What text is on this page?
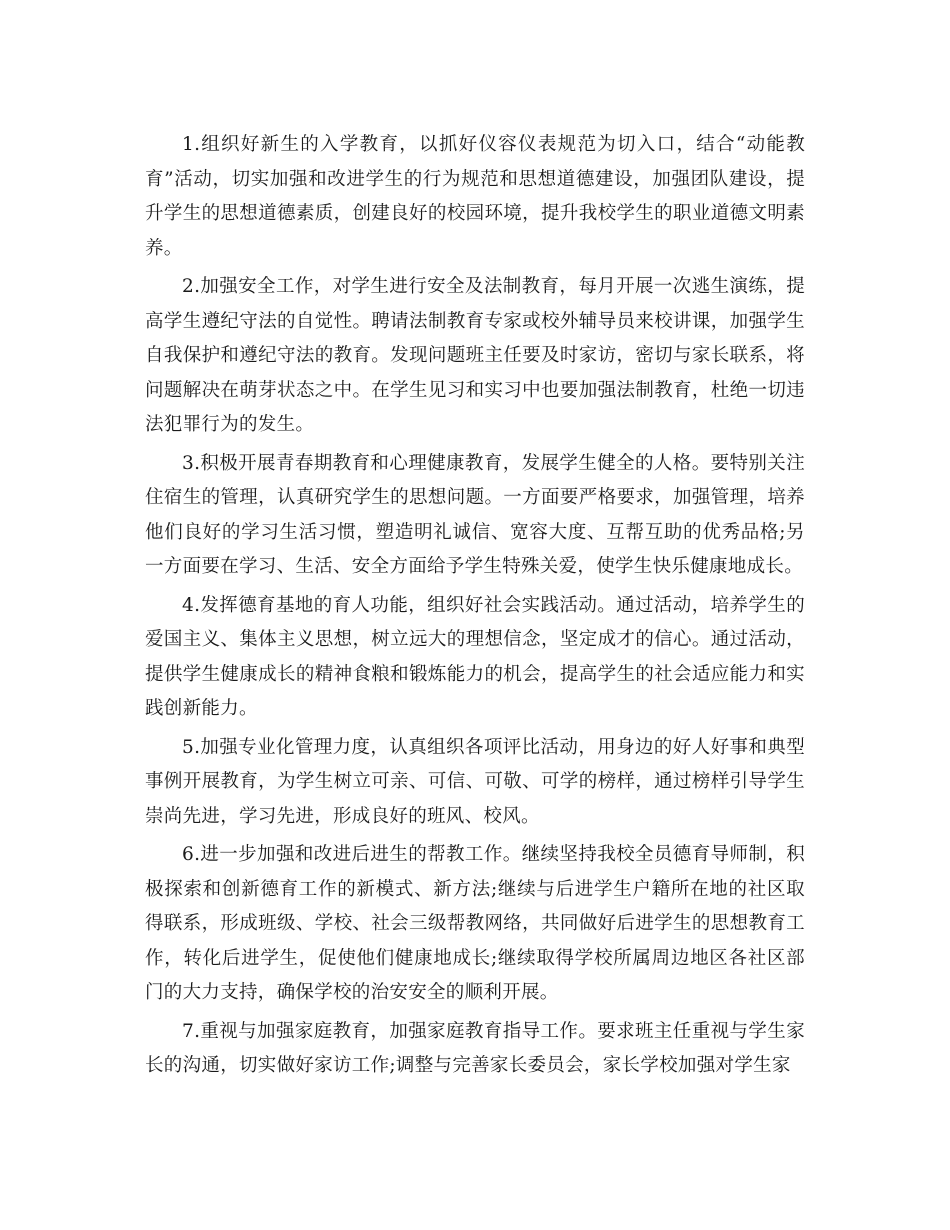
1.组织好新生的入学教育，以抓好仪容仪表规范为切入口，结合“动能教育”活动，切实加强和改进学生的行为规范和思想道德建设，加强团队建设，提升学生的思想道德素质，创建良好的校园环境，提升我校学生的职业道德文明素养。

2.加强安全工作，对学生进行安全及法制教育，每月开展一次逃生演练，提高学生遵纪守法的自觉性。聘请法制教育专家或校外辅导员来校讲课，加强学生自我保护和遵纪守法的教育。发现问题班主任要及时家访，密切与家长联系，将问题解决在萌芽状态之中。在学生见习和实习中也要加强法制教育，杜绝一切违法犯罪行为的发生。

3.积极开展青春期教育和心理健康教育，发展学生健全的人格。要特别关注住宿生的管理，认真研究学生的思想问题。一方面要严格要求，加强管理，培养他们良好的学习生活习惯，塑造明礼诚信、宽容大度、互帮互助的优秀品格;另一方面要在学习、生活、安全方面给予学生特殊关爱，使学生快乐健康地成长。

4.发挥德育基地的育人功能，组织好社会实践活动。通过活动，培养学生的爱国主义、集体主义思想，树立远大的理想信念，坚定成才的信心。通过活动，提供学生健康成长的精神食粮和锻炼能力的机会，提高学生的社会适应能力和实践创新能力。

5.加强专业化管理力度，认真组织各项评比活动，用身边的好人好事和典型事例开展教育，为学生树立可亲、可信、可敬、可学的榜样，通过榜样引导学生崇尚先进，学习先进，形成良好的班风、校风。

6.进一步加强和改进后进生的帮教工作。继续坚持我校全员德育导师制，积极探索和创新德育工作的新模式、新方法;继续与后进学生户籍所在地的社区取得联系，形成班级、学校、社会三级帮教网络，共同做好后进学生的思想教育工作，转化后进学生，促使他们健康地成长;继续取得学校所属周边地区各社区部门的大力支持，确保学校的治安安全的顺利开展。

7.重视与加强家庭教育，加强家庭教育指导工作。要求班主任重视与学生家长的沟通，切实做好家访工作;调整与完善家长委员会，家长学校加强对学生家
